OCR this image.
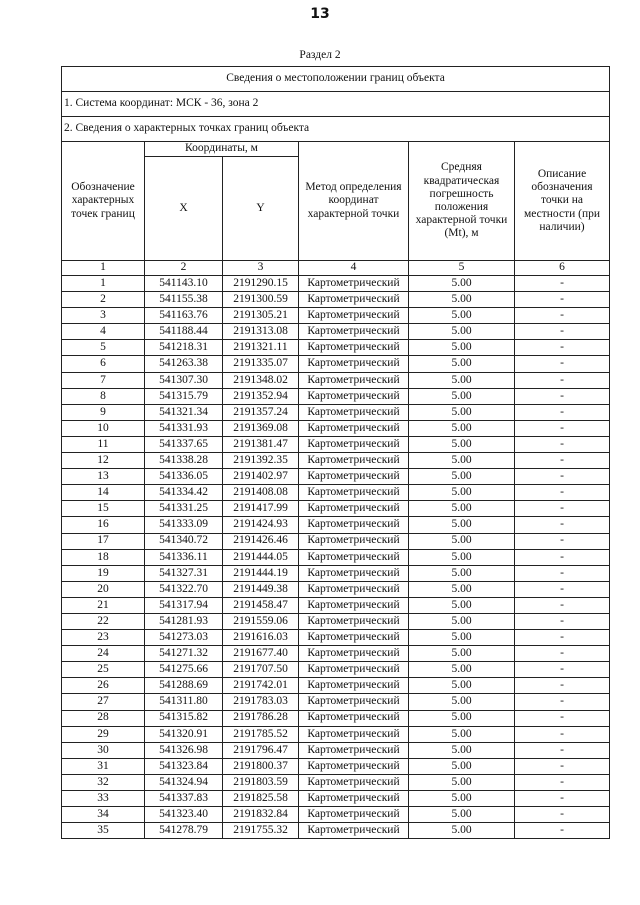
13
Раздел 2
Сведения о местоположении границ объекта					
1. Система координат: МСК - 36, зона 2					
2. Сведения о характерных точках границ объекта					
Обозначение характерных точек границ	Координаты, м		Метод определения координат характерной точки	Средняя квадратическая погрешность положения характерной точки (Mt), м	Описание обозначения точки на местности (при наличии)
	X	Y			
1	2	3	4	5	6
1	541143.10	2191290.15	Картометрический	5.00	-
2	541155.38	2191300.59	Картометрический	5.00	-
3	541163.76	2191305.21	Картометрический	5.00	-
4	541188.44	2191313.08	Картометрический	5.00	-
5	541218.31	2191321.11	Картометрический	5.00	-
6	541263.38	2191335.07	Картометрический	5.00	-
7	541307.30	2191348.02	Картометрический	5.00	-
8	541315.79	2191352.94	Картометрический	5.00	-
9	541321.34	2191357.24	Картометрический	5.00	-
10	541331.93	2191369.08	Картометрический	5.00	-
11	541337.65	2191381.47	Картометрический	5.00	-
12	541338.28	2191392.35	Картометрический	5.00	-
13	541336.05	2191402.97	Картометрический	5.00	-
14	541334.42	2191408.08	Картометрический	5.00	-
15	541331.25	2191417.99	Картометрический	5.00	-
16	541333.09	2191424.93	Картометрический	5.00	-
17	541340.72	2191426.46	Картометрический	5.00	-
18	541336.11	2191444.05	Картометрический	5.00	-
19	541327.31	2191444.19	Картометрический	5.00	-
20	541322.70	2191449.38	Картометрический	5.00	-
21	541317.94	2191458.47	Картометрический	5.00	-
22	541281.93	2191559.06	Картометрический	5.00	-
23	541273.03	2191616.03	Картометрический	5.00	-
24	541271.32	2191677.40	Картометрический	5.00	-
25	541275.66	2191707.50	Картометрический	5.00	-
26	541288.69	2191742.01	Картометрический	5.00	-
27	541311.80	2191783.03	Картометрический	5.00	-
28	541315.82	2191786.28	Картометрический	5.00	-
29	541320.91	2191785.52	Картометрический	5.00	-
30	541326.98	2191796.47	Картометрический	5.00	-
31	541323.84	2191800.37	Картометрический	5.00	-
32	541324.94	2191803.59	Картометрический	5.00	-
33	541337.83	2191825.58	Картометрический	5.00	-
34	541323.40	2191832.84	Картометрический	5.00	-
35	541278.79	2191755.32	Картометрический	5.00	-
